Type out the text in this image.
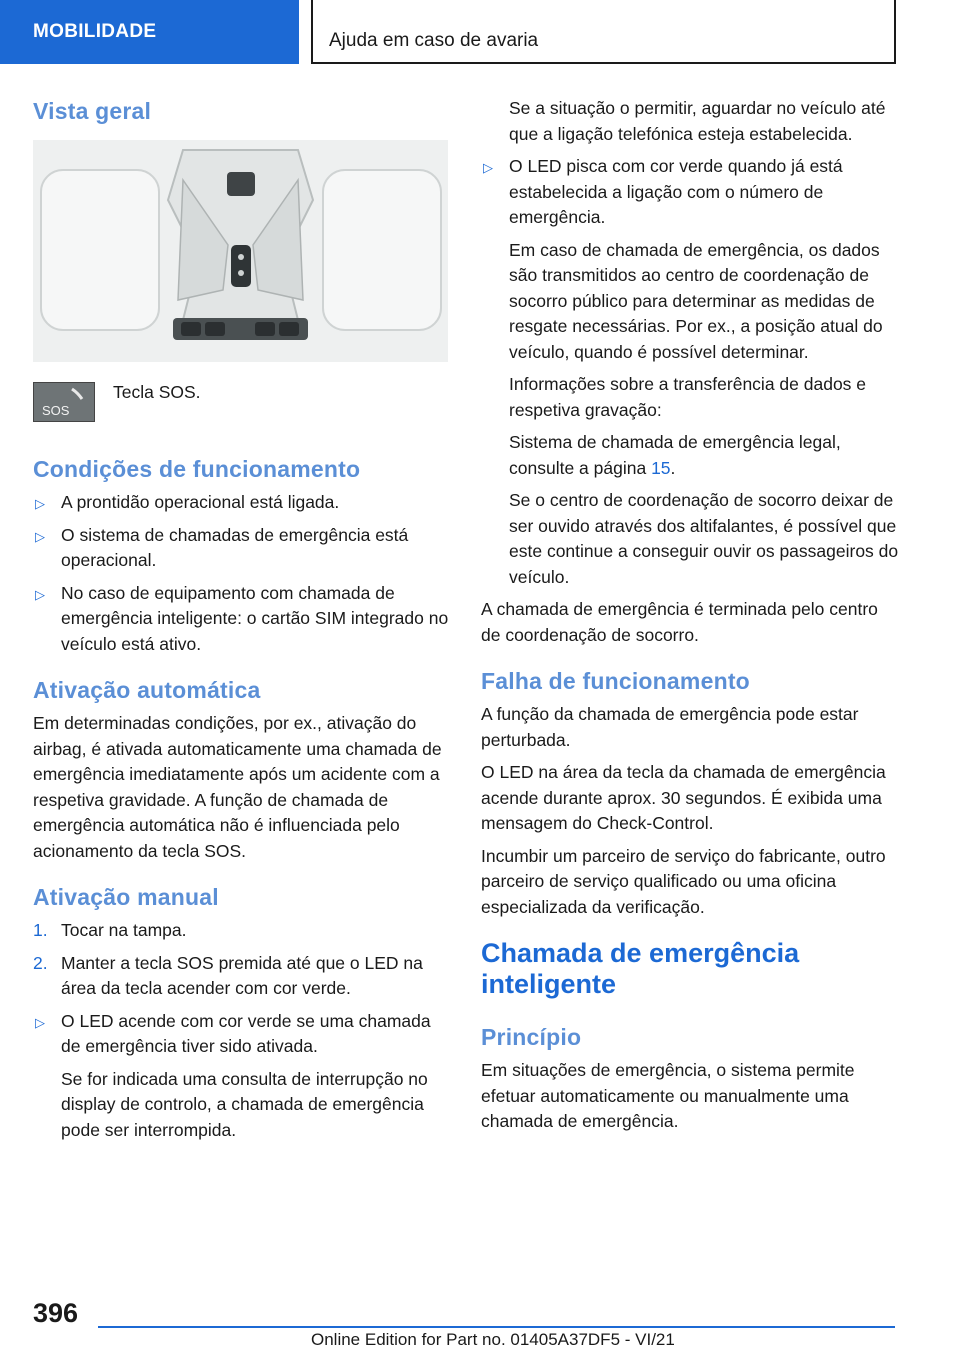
MOBILIDADE	Ajuda em caso de avaria
Vista geral
SOS
Tecla SOS.
Condições de funcionamento
▷ A prontidão operacional está ligada.
▷ O sistema de chamadas de emergência está operacional.
▷ No caso de equipamento com chamada de emergência inteligente: o cartão SIM integrado no veículo está ativo.
Ativação automática

Em determinadas condições, por ex., ativação do airbag, é ativada automaticamente uma chamada de emergência imediatamente após um acidente com a respetiva gravidade. A função de chamada de emergência automática não é influenciada pelo acionamento da tecla SOS.

Ativação manual
1. Tocar na tampa.
2. Manter a tecla SOS premida até que o LED na área da tecla acender com cor verde.
▷ O LED acende com cor verde se uma chamada de emergência tiver sido ativada.

Se for indicada uma consulta de interrupção no display de controlo, a chamada de emergência pode ser interrompida.

Se a situação o permitir, aguardar no veículo até que a ligação telefónica esteja estabelecida.

▷ O LED pisca com cor verde quando já está estabelecida a ligação com o número de emergência.

Em caso de chamada de emergência, os dados são transmitidos ao centro de coordenação de socorro público para determinar as medidas de resgate necessárias. Por ex., a posição atual do veículo, quando é possível determinar.

Informações sobre a transferência de dados e respetiva gravação:

Sistema de chamada de emergência legal, consulte a página 15.

Se o centro de coordenação de socorro deixar de ser ouvido através dos altifalantes, é possível que este continue a conseguir ouvir os passageiros do veículo.

A chamada de emergência é terminada pelo centro de coordenação de socorro.

Falha de funcionamento

A função da chamada de emergência pode estar perturbada.

O LED na área da tecla da chamada de emergência acende durante aprox. 30 segundos. É exibida uma mensagem do Check-Control.

Incumbir um parceiro de serviço do fabricante, outro parceiro de serviço qualificado ou uma oficina especializada da verificação.

Chamada de emergência inteligente
Princípio

Em situações de emergência, o sistema permite efetuar automaticamente ou manualmente uma chamada de emergência.

396
Online Edition for Part no. 01405A37DF5 - VI/21
